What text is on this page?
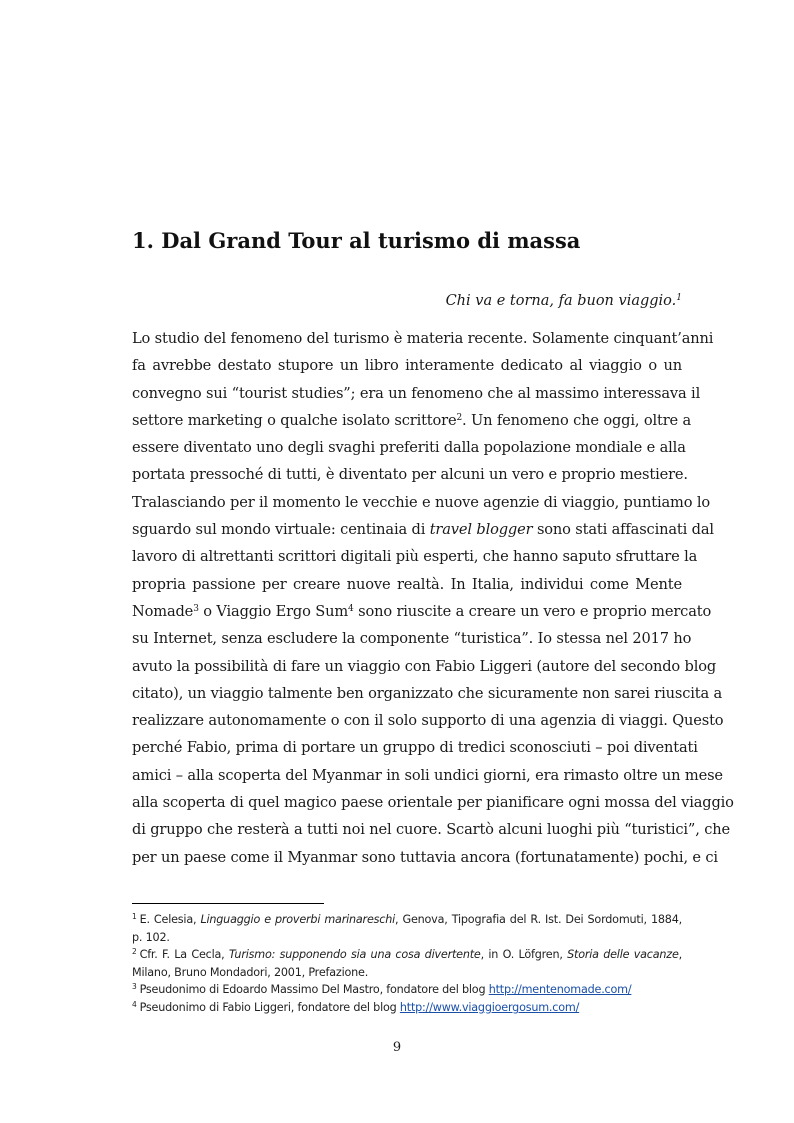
1. Dal Grand Tour al turismo di massa
Chi va e torna, fa buon viaggio.$^1$
Lo studio del fenomeno del turismo è materia recente. Solamente cinquant’anni
fa avrebbe destato stupore un libro interamente dedicato al viaggio o un
convegno sui “tourist studies”; era un fenomeno che al massimo interessava il
settore marketing o qualche isolato scrittore$^2$. Un fenomeno che oggi, oltre a
essere diventato uno degli svaghi preferiti dalla popolazione mondiale e alla
portata pressoché di tutti, è diventato per alcuni un vero e proprio mestiere.
Tralasciando per il momento le vecchie e nuove agenzie di viaggio, puntiamo lo
sguardo sul mondo virtuale: centinaia di travel blogger sono stati affascinati dal
lavoro di altrettanti scrittori digitali più esperti, che hanno saputo sfruttare la
propria passione per creare nuove realtà. In Italia, individui come Mente
Nomade$^3$ o Viaggio Ergo Sum$^4$ sono riuscite a creare un vero e proprio mercato
su Internet, senza escludere la componente “turistica”. Io stessa nel 2017 ho
avuto la possibilità di fare un viaggio con Fabio Liggeri (autore del secondo blog
citato), un viaggio talmente ben organizzato che sicuramente non sarei riuscita a
realizzare autonomamente o con il solo supporto di una agenzia di viaggi. Questo
perché Fabio, prima di portare un gruppo di tredici sconosciuti – poi diventati
amici – alla scoperta del Myanmar in soli undici giorni, era rimasto oltre un mese
alla scoperta di quel magico paese orientale per pianificare ogni mossa del viaggio
di gruppo che resterà a tutti noi nel cuore. Scartò alcuni luoghi più “turistici”, che
per un paese come il Myanmar sono tuttavia ancora (fortunatamente) pochi, e ci
$^1$ E. Celesia, Linguaggio e proverbi marinareschi, Genova, Tipografia del R. Ist. Dei Sordomuti, 1884, p. 102.
$^2$ Cfr. F. La Cecla, Turismo: supponendo sia una cosa divertente, in O. Löfgren, Storia delle vacanze, Milano, Bruno Mondadori, 2001, Prefazione.
$^3$ Pseudonimo di Edoardo Massimo Del Mastro, fondatore del blog http://mentenomade.com/
$^4$ Pseudonimo di Fabio Liggeri, fondatore del blog http://www.viaggioergosum.com/
9
